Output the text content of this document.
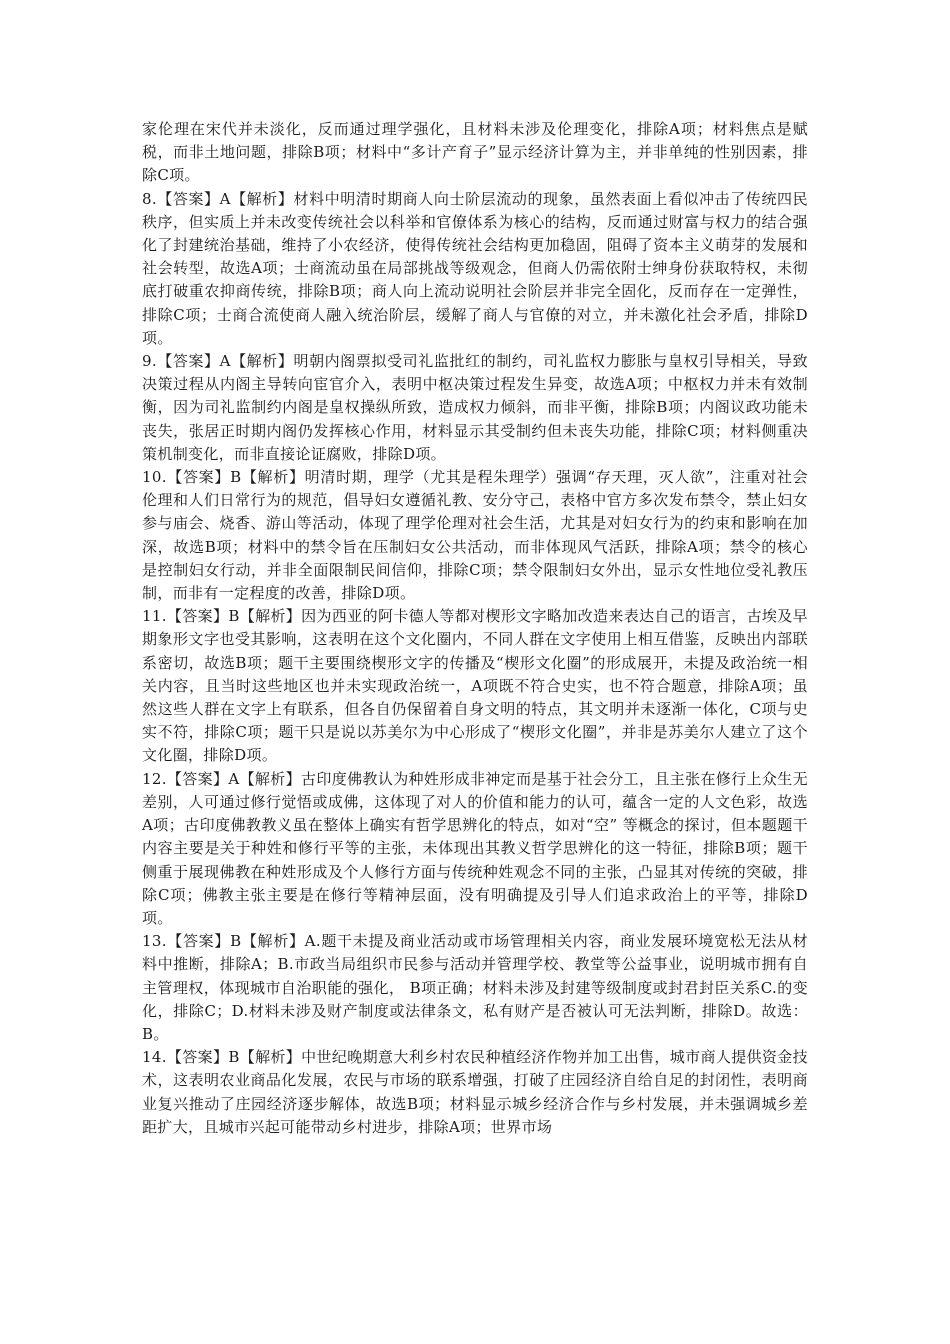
家伦理在宋代并未淡化，反而通过理学强化，且材料未涉及伦理变化，排除A项；材料焦点是赋税，而非土地问题，排除B项；材料中“多计产育子”显示经济计算为主，并非单纯的性别因素，排除C项。

8.【答案】A【解析】材料中明清时期商人向士阶层流动的现象，虽然表面上看似冲击了传统四民秩序，但实质上并未改变传统社会以科举和官僚体系为核心的结构，反而通过财富与权力的结合强化了封建统治基础，维持了小农经济，使得传统社会结构更加稳固，阻碍了资本主义萌芽的发展和社会转型，故选A项；士商流动虽在局部挑战等级观念，但商人仍需依附士绅身份获取特权，未彻底打破重农抑商传统，排除B项；商人向上流动说明社会阶层并非完全固化，反而存在一定弹性，排除C项；士商合流使商人融入统治阶层，缓解了商人与官僚的对立，并未激化社会矛盾，排除D项。

9.【答案】A【解析】明朝内阁票拟受司礼监批红的制约，司礼监权力膨胀与皇权引导相关，导致决策过程从内阁主导转向宦官介入，表明中枢决策过程发生异变，故选A项；中枢权力并未有效制衡，因为司礼监制约内阁是皇权操纵所致，造成权力倾斜，而非平衡，排除B项；内阁议政功能未丧失，张居正时期内阁仍发挥核心作用，材料显示其受制约但未丧失功能，排除C项；材料侧重决策机制变化，而非直接论证腐败，排除D项。

10.【答案】B【解析】明清时期，理学（尤其是程朱理学）强调“存天理，灭人欲”，注重对社会伦理和人们日常行为的规范，倡导妇女遵循礼教、安分守己，表格中官方多次发布禁令，禁止妇女参与庙会、烧香、游山等活动，体现了理学伦理对社会生活，尤其是对妇女行为的约束和影响在加深，故选B项；材料中的禁令旨在压制妇女公共活动，而非体现风气活跃，排除A项；禁令的核心是控制妇女行动，并非全面限制民间信仰，排除C项；禁令限制妇女外出，显示女性地位受礼教压制，而非有一定程度的改善，排除D项。

11.【答案】B【解析】因为西亚的阿卡德人等都对楔形文字略加改造来表达自己的语言，古埃及早期象形文字也受其影响，这表明在这个文化圈内，不同人群在文字使用上相互借鉴，反映出内部联系密切，故选B项；题干主要围绕楔形文字的传播及“楔形文化圈”的形成展开，未提及政治统一相关内容，且当时这些地区也并未实现政治统一，A项既不符合史实，也不符合题意，排除A项；虽然这些人群在文字上有联系，但各自仍保留着自身文明的特点，其文明并未逐渐一体化，C项与史实不符，排除C项；题干只是说以苏美尔为中心形成了“楔形文化圈”，并非是苏美尔人建立了这个文化圈，排除D项。

12.【答案】A【解析】古印度佛教认为种姓形成非神定而是基于社会分工，且主张在修行上众生无差别，人可通过修行觉悟或成佛，这体现了对人的价值和能力的认可，蕴含一定的人文色彩，故选A项；古印度佛教教义虽在整体上确实有哲学思辨化的特点，如对“空” 等概念的探讨，但本题题干内容主要是关于种姓和修行平等的主张，未体现出其教义哲学思辨化的这一特征，排除B项；题干侧重于展现佛教在种姓形成及个人修行方面与传统种姓观念不同的主张，凸显其对传统的突破，排除C项；佛教主张主要是在修行等精神层面，没有明确提及引导人们追求政治上的平等，排除D项。

13.【答案】B【解析】A.题干未提及商业活动或市场管理相关内容，商业发展环境宽松无法从材料中推断，排除A；B.市政当局组织市民参与活动并管理学校、教堂等公益事业，说明城市拥有自主管理权，体现城市自治职能的强化， B项正确；材料未涉及封建等级制度或封君封臣关系C.的变化，排除C；D.材料未涉及财产制度或法律条文，私有财产是否被认可无法判断，排除D。故选：B。

14.【答案】B【解析】中世纪晚期意大利乡村农民种植经济作物并加工出售，城市商人提供资金技术，这表明农业商品化发展，农民与市场的联系增强，打破了庄园经济自给自足的封闭性，表明商业复兴推动了庄园经济逐步解体，故选B项；材料显示城乡经济合作与乡村发展，并未强调城乡差距扩大，且城市兴起可能带动乡村进步，排除A项；世界市场
